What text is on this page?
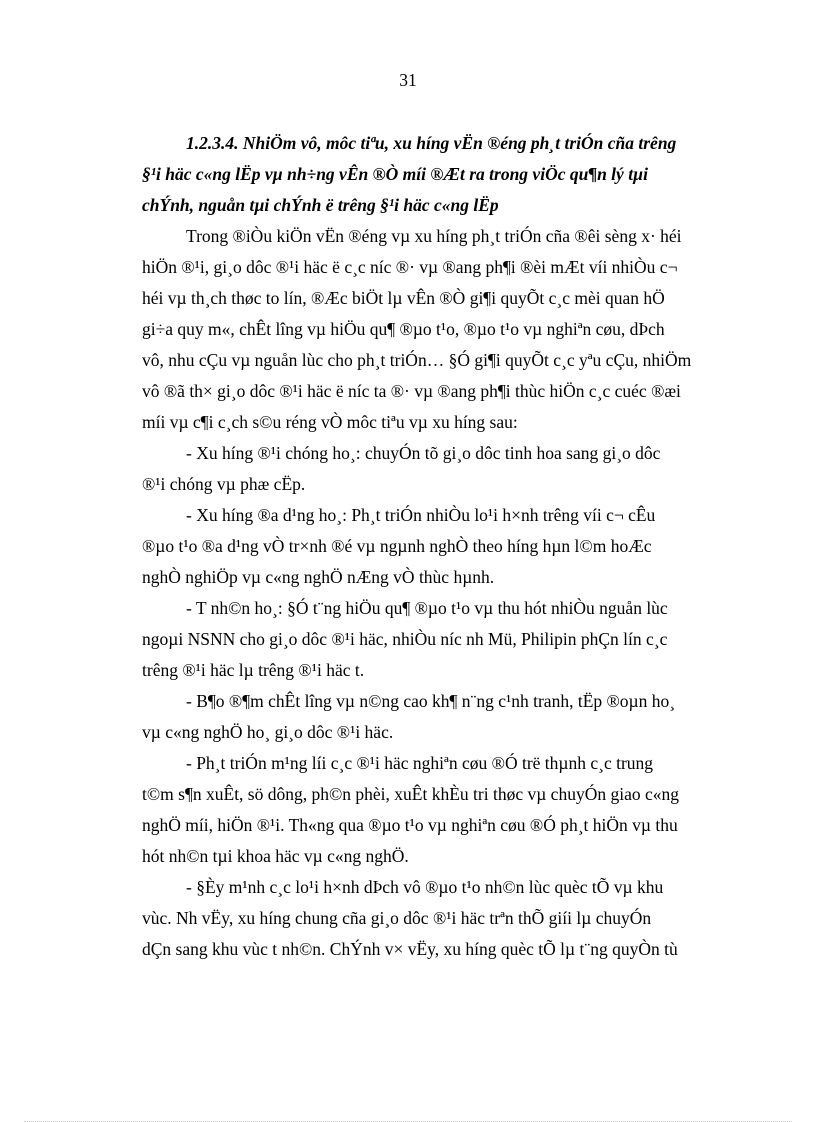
31
1.2.3.4. NhiÖm vô, môc tiªu, xu híng vËn ®éng ph¸t triÓn cña trêng
§¹i häc c«ng lËp vµ nh÷ng vÊn ®Ò míi ®Æt ra trong viÖc qu¶n lý tµi
chÝnh, nguån tµi chÝnh ë trêng §¹i häc c«ng lËp
Trong ®iÒu kiÖn vËn ®éng vµ xu híng ph¸t triÓn cña ®êi sèng x· héi
hiÖn ®¹i, gi¸o dôc ®¹i häc ë c¸c níc ®· vµ ®ang ph¶i ®èi mÆt víi nhiÒu c¬
héi vµ th¸ch thøc to lín, ®Æc biÖt lµ vÊn ®Ò gi¶i quyÕt c¸c mèi quan hÖ
gi÷a quy m«, chÊt lîng vµ hiÖu qu¶ ®µo t¹o, ®µo t¹o vµ nghiªn cøu, dÞch
vô, nhu cÇu vµ nguån lùc cho ph¸t triÓn… §Ó gi¶i quyÕt c¸c yªu cÇu, nhiÖm
vô ®ã th× gi¸o dôc ®¹i häc ë níc ta ®· vµ ®ang ph¶i thùc hiÖn c¸c cuéc ®æi
míi vµ c¶i c¸ch s©u réng vÒ môc tiªu vµ xu híng sau:
- Xu híng ®¹i chóng ho¸: chuyÓn tõ gi¸o dôc tinh hoa sang gi¸o dôc
®¹i chóng vµ phæ cËp.
- Xu híng ®a d¹ng ho¸: Ph¸t triÓn nhiÒu lo¹i h×nh trêng víi c¬ cÊu
®µo t¹o ®a d¹ng vÒ tr×nh ®é vµ ngµnh nghÒ theo híng hµn l©m hoÆc
nghÒ nghiÖp vµ c«ng nghÖ nÆng vÒ thùc hµnh.
- T nh©n ho¸: §Ó t¨ng hiÖu qu¶ ®µo t¹o vµ thu hót nhiÒu nguån lùc
ngoµi NSNN cho gi¸o dôc ®¹i häc, nhiÒu níc nh Mü, Philipin phÇn lín c¸c
trêng ®¹i häc lµ trêng ®¹i häc t.
- B¶o ®¶m chÊt lîng vµ n©ng cao kh¶ n¨ng c¹nh tranh, tËp ®oµn ho¸
vµ c«ng nghÖ ho¸ gi¸o dôc ®¹i häc.
- Ph¸t triÓn m¹ng líi c¸c ®¹i häc nghiªn cøu ®Ó trë thµnh c¸c trung
t©m s¶n xuÊt, sö dông, ph©n phèi, xuÊt khÈu tri thøc vµ chuyÓn giao c«ng
nghÖ míi, hiÖn ®¹i. Th«ng qua ®µo t¹o vµ nghiªn cøu ®Ó ph¸t hiÖn vµ thu
hót nh©n tµi khoa häc vµ c«ng nghÖ.
- §Èy m¹nh c¸c lo¹i h×nh dÞch vô ®µo t¹o nh©n lùc quèc tÕ vµ khu
vùc. Nh vËy, xu híng chung cña gi¸o dôc ®¹i häc trªn thÕ giíi lµ chuyÓn
dÇn sang khu vùc t nh©n. ChÝnh v× vËy, xu híng quèc tÕ lµ t¨ng quyÒn tù
